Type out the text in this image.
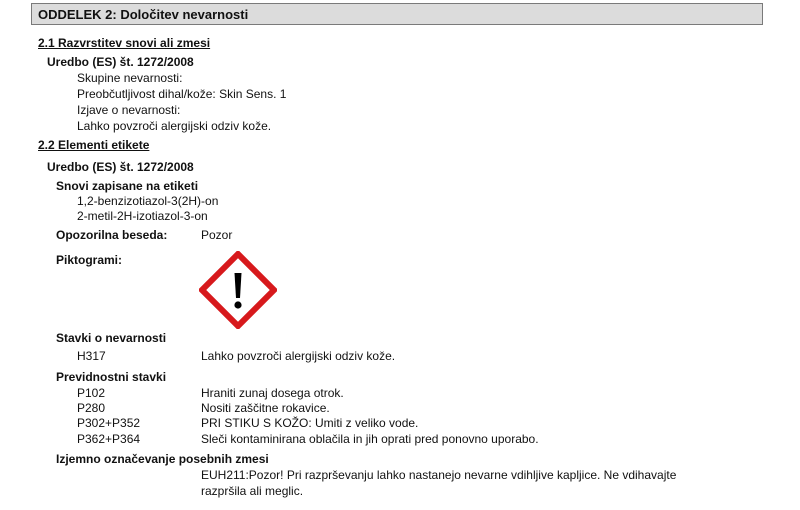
ODDELEK 2: Določitev nevarnosti
2.1 Razvrstitev snovi ali zmesi
Uredbo (ES) št. 1272/2008
Skupine nevarnosti:
Preobčutljivost dihal/kože: Skin Sens. 1
Izjave o nevarnosti:
Lahko povzroči alergijski odziv kože.
2.2 Elementi etikete
Uredbo (ES) št. 1272/2008
Snovi zapisane na etiketi
1,2-benzizotiazol-3(2H)-on
2-metil-2H-izotiazol-3-on
Opozorilna beseda:	Pozor
Piktogrami:
Stavki o nevarnosti
H317	Lahko povzroči alergijski odziv kože.
Previdnostni stavki
P102	Hraniti zunaj dosega otrok.
P280	Nositi zaščitne rokavice.
P302+P352	PRI STIKU S KOŽO: Umiti z veliko vode.
P362+P364	Sleči kontaminirana oblačila in jih oprati pred ponovno uporabo.
Izjemno označevanje posebnih zmesi
EUH211:Pozor! Pri razprševanju lahko nastanejo nevarne vdihljive kapljice. Ne vdihavajte
razpršila ali meglic.
